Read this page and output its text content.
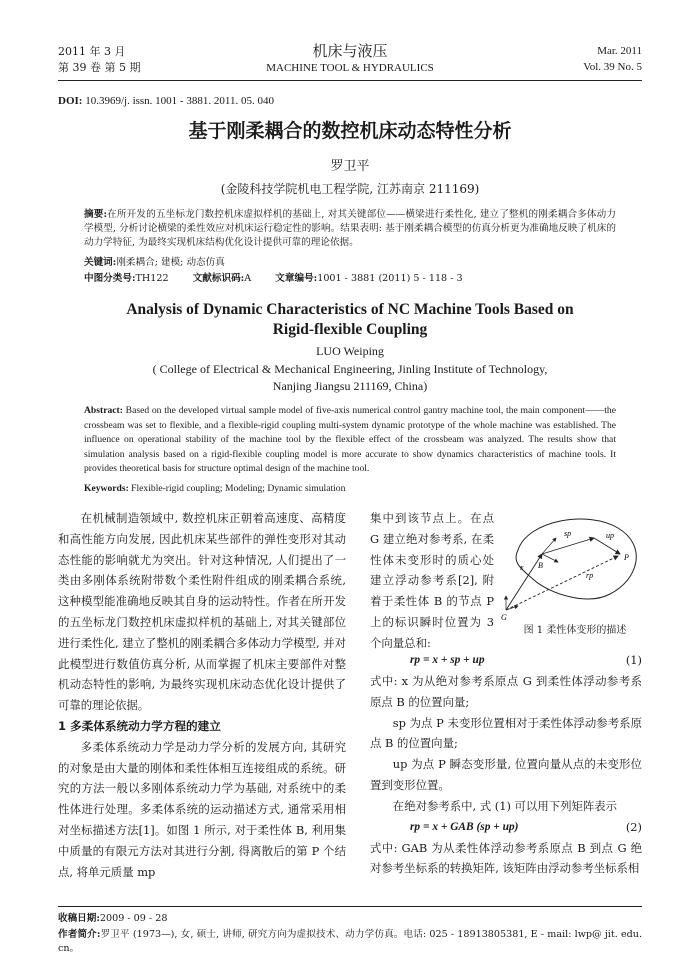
2011 年 3 月
第 39 卷 第 5 期
机床与液压
MACHINE TOOL & HYDRAULICS
Mar. 2011
Vol. 39 No. 5
DOI: 10.3969/j. issn. 1001 - 3881. 2011. 05. 040
基于刚柔耦合的数控机床动态特性分析
罗卫平
(金陵科技学院机电工程学院, 江苏南京 211169)
摘要:在所开发的五坐标龙门数控机床虚拟样机的基础上, 对其关键部位——横梁进行柔性化, 建立了整机的刚柔耦合多体动力学模型, 分析讨论横梁的柔性效应对机床运行稳定性的影响。结果表明: 基于刚柔耦合模型的仿真分析更为准确地反映了机床的动力学特征, 为最终实现机床结构优化设计提供可靠的理论依据。
关键词:刚柔耦合; 建模; 动态仿真
中图分类号:TH122	文献标识码:A	文章编号:1001 - 3881 (2011) 5 - 118 - 3
Analysis of Dynamic Characteristics of NC Machine Tools Based on
Rigid-flexible Coupling
LUO Weiping
( College of Electrical & Mechanical Engineering, Jinling Institute of Technology,
Nanjing Jiangsu 211169, China)
Abstract: Based on the developed virtual sample model of five-axis numerical control gantry machine tool, the main component——the crossbeam was set to flexible, and a flexible-rigid coupling multi-system dynamic prototype of the whole machine was established. The influence on operational stability of the machine tool by the flexible effect of the crossbeam was analyzed. The results show that simulation analysis based on a rigid-flexible coupling model is more accurate to show dynamics characteristics of machine tools. It provides theoretical basis for structure optimal design of the machine tool.
Keywords: Flexible-rigid coupling; Modeling; Dynamic simulation
在机械制造领域中, 数控机床正朝着高速度、高精度和高性能方向发展, 因此机床某些部件的弹性变形对其动态性能的影响就尤为突出。针对这种情况, 人们提出了一类由多刚体系统附带数个柔性附件组成的刚柔耦合系统, 这种模型能准确地反映其自身的运动特性。作者在所开发的五坐标龙门数控机床虚拟样机的基础上, 对其关键部位进行柔性化, 建立了整机的刚柔耦合多体动力学模型, 并对此模型进行数值仿真分析, 从而掌握了机床主要部件对整机动态特性的影响, 为最终实现机床动态优化设计提供了可靠的理论依据。
1 多柔体系统动力学方程的建立
多柔体系统动力学是动力学分析的发展方向, 其研究的对象是由大量的刚体和柔性体相互连接组成的系统。研究的方法一般以多刚体系统动力学为基础, 对系统中的柔性体进行处理。多柔体系统的运动描述方式, 通常采用相对坐标描述方法[1]。如图 1 所示, 对于柔性体 B, 利用集中质量的有限元方法对其进行分割, 得离散后的第 P 个结点, 将单元质量 mp
B
P
x
G
rp
sp	up
集中到该节点上。在点 G 建立绝对参考系, 在柔性体未变形时的质心处建立浮动参考系[2], 附着于柔性体 B 的节点 P 上的标识瞬时位置为 3 个向量总和:
图 1 柔性体变形的描述
rp = x + sp + up	(1)
式中: x 为从绝对参考系原点 G 到柔性体浮动参考系原点 B 的位置向量;
sp 为点 P 未变形位置相对于柔性体浮动参考系原点 B 的位置向量;
up 为点 P 瞬态变形量, 位置向量从点的未变形位置到变形位置。
在绝对参考系中, 式 (1) 可以用下列矩阵表示
rp = x + GAB (sp + up)	(2)
式中: GAB 为从柔性体浮动参考系原点 B 到点 G 绝对参考坐标系的转换矩阵, 该矩阵由浮动参考坐标系相
收稿日期:2009 - 09 - 28
作者简介:罗卫平 (1973—), 女, 硕士, 讲师, 研究方向为虚拟技术、动力学仿真。电话: 025 - 18913805381, E - mail: lwp@ jit. edu. cn。
